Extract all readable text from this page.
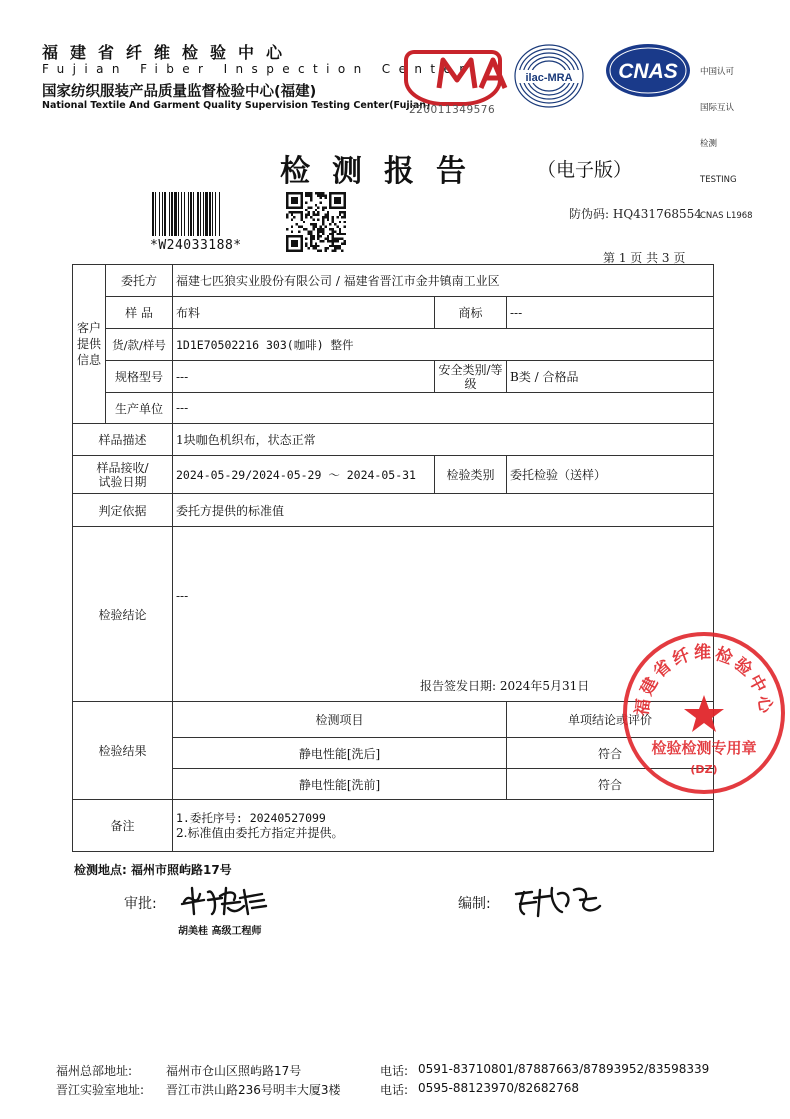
福建省纤维检验中心
Fujian Fiber Inspection Center
国家纺织服装产品质量监督检验中心(福建)
National Textile And Garment Quality Supervision Testing Center(Fujian)
220011349576
ilac-MRA CNAS

	中国认可

国际互认

检测

TESTING

CNAS L1968

检测报告	（电子版）
*W24033188*
防伪码: HQ431768554
第 1 页 共 3 页
客户提供信息	委托方	福建七匹狼实业股份有限公司 / 福建省晋江市金井镇南工业区		
	样 品	布料	商标	---
	货/款/样号	1D1E70502216 303(咖啡) 整件		
	规格型号	---	安全类别/等级	B类 / 合格品
	生产单位	---		
样品描述		1块咖色机织布，状态正常		

样品接收/试验日期		2024-05-29/2024-05-29 ～ 2024-05-31	检验类别	委托检验（送样）
判定依据		委托方提供的标准值		
检验结论		---
报告签发日期: 2024年5月31日		

检验结果		检测项目		单项结论或评价
		静电性能[洗后]		符合
		静电性能[洗前]		符合
备注		1.委托序号: 20240527099
2.标准值由委托方指定并提供。		
福建省纤维检验中心
检验检测专用章
(DZ)
检测地点: 福州市照屿路17号
审批:
胡美桂 高级工程师
编制:
福州总部地址:	福州市仓山区照屿路17号	电话: 0591-83710801/87887663/87893952/83598339
晋江实验室地址: 晋江市洪山路236号明丰大厦3楼	电话: 0595-88123970/82682768
